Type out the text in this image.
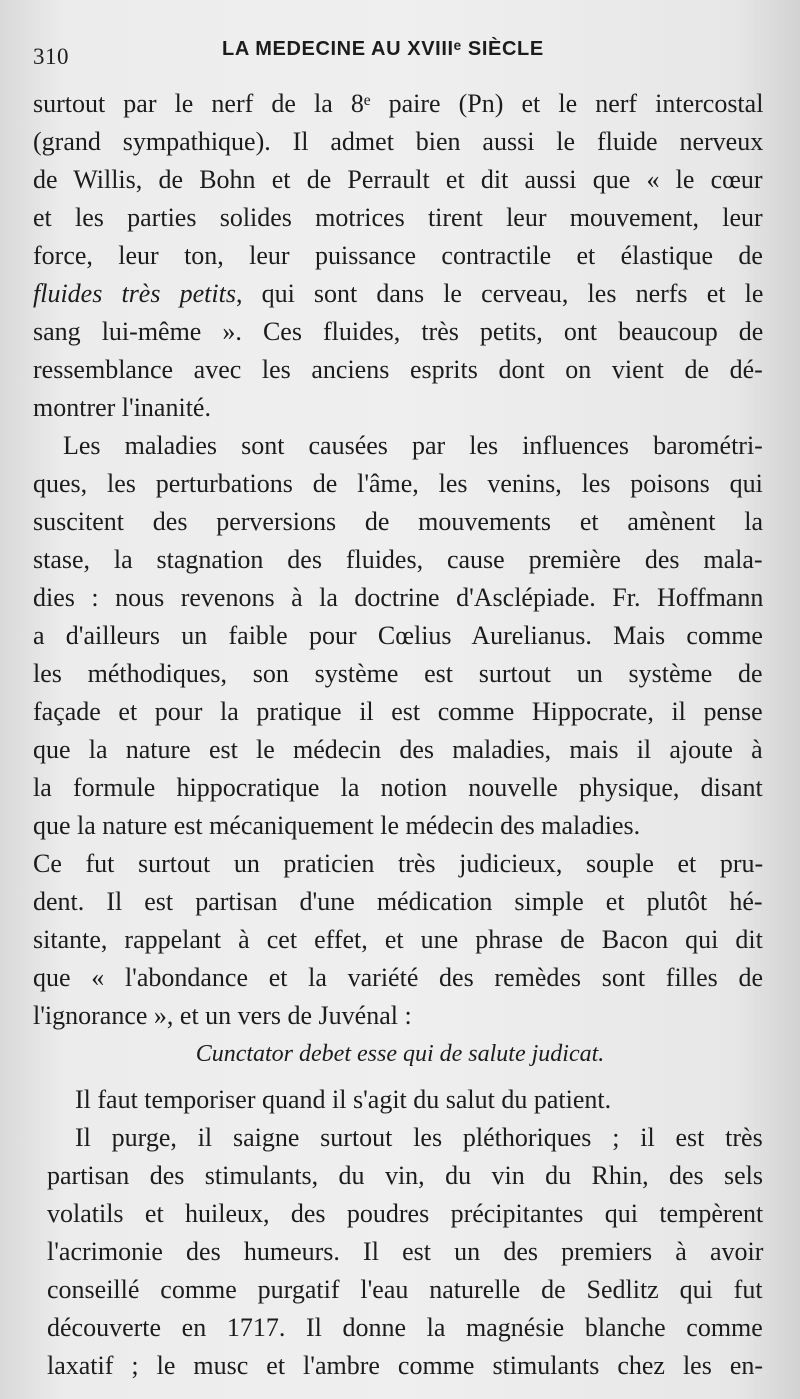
310	LA MEDECINE AU XVIIIᵉ SIÈCLE
surtout par le nerf de la 8ᵉ paire (Pn) et le nerf intercostal
(grand sympathique). Il admet bien aussi le fluide nerveux
de Willis, de Bohn et de Perrault et dit aussi que « le cœur
et les parties solides motrices tirent leur mouvement, leur
force, leur ton, leur puissance contractile et élastique de
fluides très petits, qui sont dans le cerveau, les nerfs et le
sang lui-même ». Ces fluides, très petits, ont beaucoup de
ressemblance avec les anciens esprits dont on vient de dé-
montrer l'inanité.
Les maladies sont causées par les influences barométri-
ques, les perturbations de l'âme, les venins, les poisons qui
suscitent des perversions de mouvements et amènent la
stase, la stagnation des fluides, cause première des mala-
dies : nous revenons à la doctrine d'Asclépiade. Fr. Hoffmann
a d'ailleurs un faible pour Cœlius Aurelianus. Mais comme
les méthodiques, son système est surtout un système de
façade et pour la pratique il est comme Hippocrate, il pense
que la nature est le médecin des maladies, mais il ajoute à
la formule hippocratique la notion nouvelle physique, disant
que la nature est mécaniquement le médecin des maladies.
Ce fut surtout un praticien très judicieux, souple et pru-
dent. Il est partisan d'une médication simple et plutôt hé-
sitante, rappelant à cet effet, et une phrase de Bacon qui dit
que « l'abondance et la variété des remèdes sont filles de
l'ignorance », et un vers de Juvénal :
Cunctator debet esse qui de salute judicat.
Il faut temporiser quand il s'agit du salut du patient.
Il purge, il saigne surtout les pléthoriques ; il est très
partisan des stimulants, du vin, du vin du Rhin, des sels
volatils et huileux, des poudres précipitantes qui tempèrent
l'acrimonie des humeurs. Il est un des premiers à avoir
conseillé comme purgatif l'eau naturelle de Sedlitz qui fut
découverte en 1717. Il donne la magnésie blanche comme
laxatif ; le musc et l'ambre comme stimulants chez les en-
